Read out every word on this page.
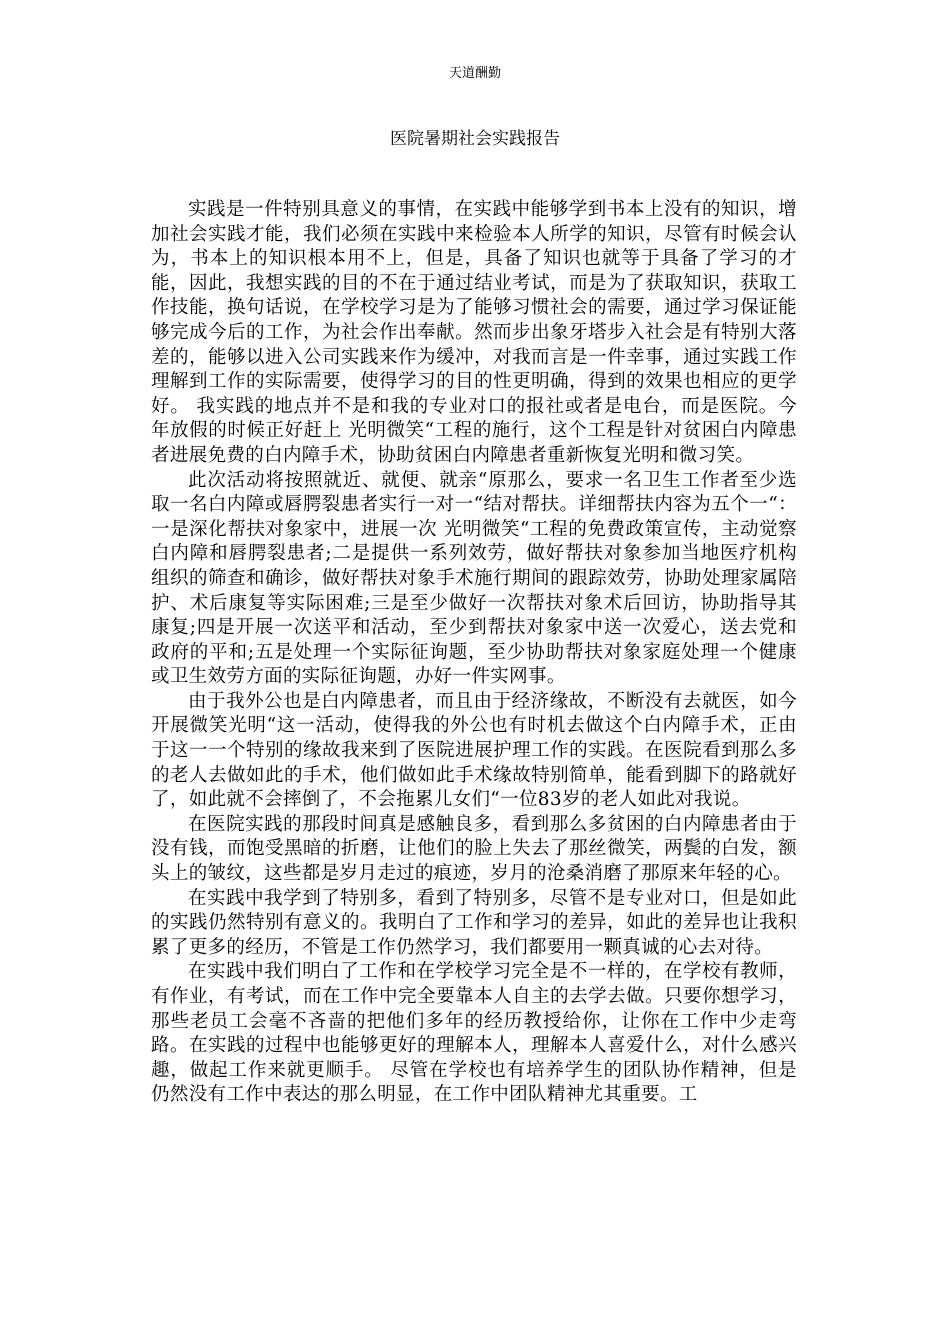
天道酬勤
医院暑期社会实践报告

实践是一件特别具意义的事情，在实践中能够学到书本上没有的知识，增加社会实践才能，我们必须在实践中来检验本人所学的知识，尽管有时候会认为，书本上的知识根本用不上，但是，具备了知识也就等于具备了学习的才能，因此，我想实践的目的不在于通过结业考试，而是为了获取知识，获取工作技能，换句话说，在学校学习是为了能够习惯社会的需要，通过学习保证能够完成今后的工作，为社会作出奉献。然而步出象牙塔步入社会是有特别大落差的，能够以进入公司实践来作为缓冲，对我而言是一件幸事，通过实践工作理解到工作的实际需要，使得学习的目的性更明确，得到的效果也相应的更学好。 我实践的地点并不是和我的专业对口的报社或者是电台，而是医院。今年放假的时候正好赶上 光明微笑“工程的施行，这个工程是针对贫困白内障患者进展免费的白内障手术，协助贫困白内障患者重新恢复光明和微习笑。

此次活动将按照就近、就便、就亲“原那么，要求一名卫生工作者至少选取一名白内障或唇腭裂患者实行一对一“结对帮扶。详细帮扶内容为五个一“：一是深化帮扶对象家中，进展一次 光明微笑“工程的免费政策宣传，主动觉察白内障和唇腭裂患者;二是提供一系列效劳，做好帮扶对象参加当地医疗机构组织的筛查和确诊，做好帮扶对象手术施行期间的跟踪效劳，协助处理家属陪护、术后康复等实际困难;三是至少做好一次帮扶对象术后回访，协助指导其康复;四是开展一次送平和活动，至少到帮扶对象家中送一次爱心，送去党和政府的平和;五是处理一个实际征询题，至少协助帮扶对象家庭处理一个健康或卫生效劳方面的实际征询题，办好一件实网事。

由于我外公也是白内障患者，而且由于经济缘故，不断没有去就医，如今开展微笑光明“这一活动，使得我的外公也有时机去做这个白内障手术，正由于这一一个特别的缘故我来到了医院进展护理工作的实践。在医院看到那么多的老人去做如此的手术，他们做如此手术缘故特别简单，能看到脚下的路就好了，如此就不会摔倒了，不会拖累儿女们“一位83岁的老人如此对我说。

在医院实践的那段时间真是感触良多，看到那么多贫困的白内障患者由于没有钱，而饱受黑暗的折磨，让他们的脸上失去了那丝微笑，两鬓的白发，额头上的皱纹，这些都是岁月走过的痕迹，岁月的沧桑消磨了那原来年轻的心。

在实践中我学到了特别多，看到了特别多，尽管不是专业对口，但是如此的实践仍然特别有意义的。我明白了工作和学习的差异，如此的差异也让我积累了更多的经历，不管是工作仍然学习，我们都要用一颗真诚的心去对待。

在实践中我们明白了工作和在学校学习完全是不一样的，在学校有教师，有作业，有考试，而在工作中完全要靠本人自主的去学去做。只要你想学习，那些老员工会毫不吝啬的把他们多年的经历教授给你，让你在工作中少走弯路。在实践的过程中也能够更好的理解本人，理解本人喜爱什么，对什么感兴趣，做起工作来就更顺手。 尽管在学校也有培养学生的团队协作精神，但是仍然没有工作中表达的那么明显，在工作中团队精神尤其重要。工
